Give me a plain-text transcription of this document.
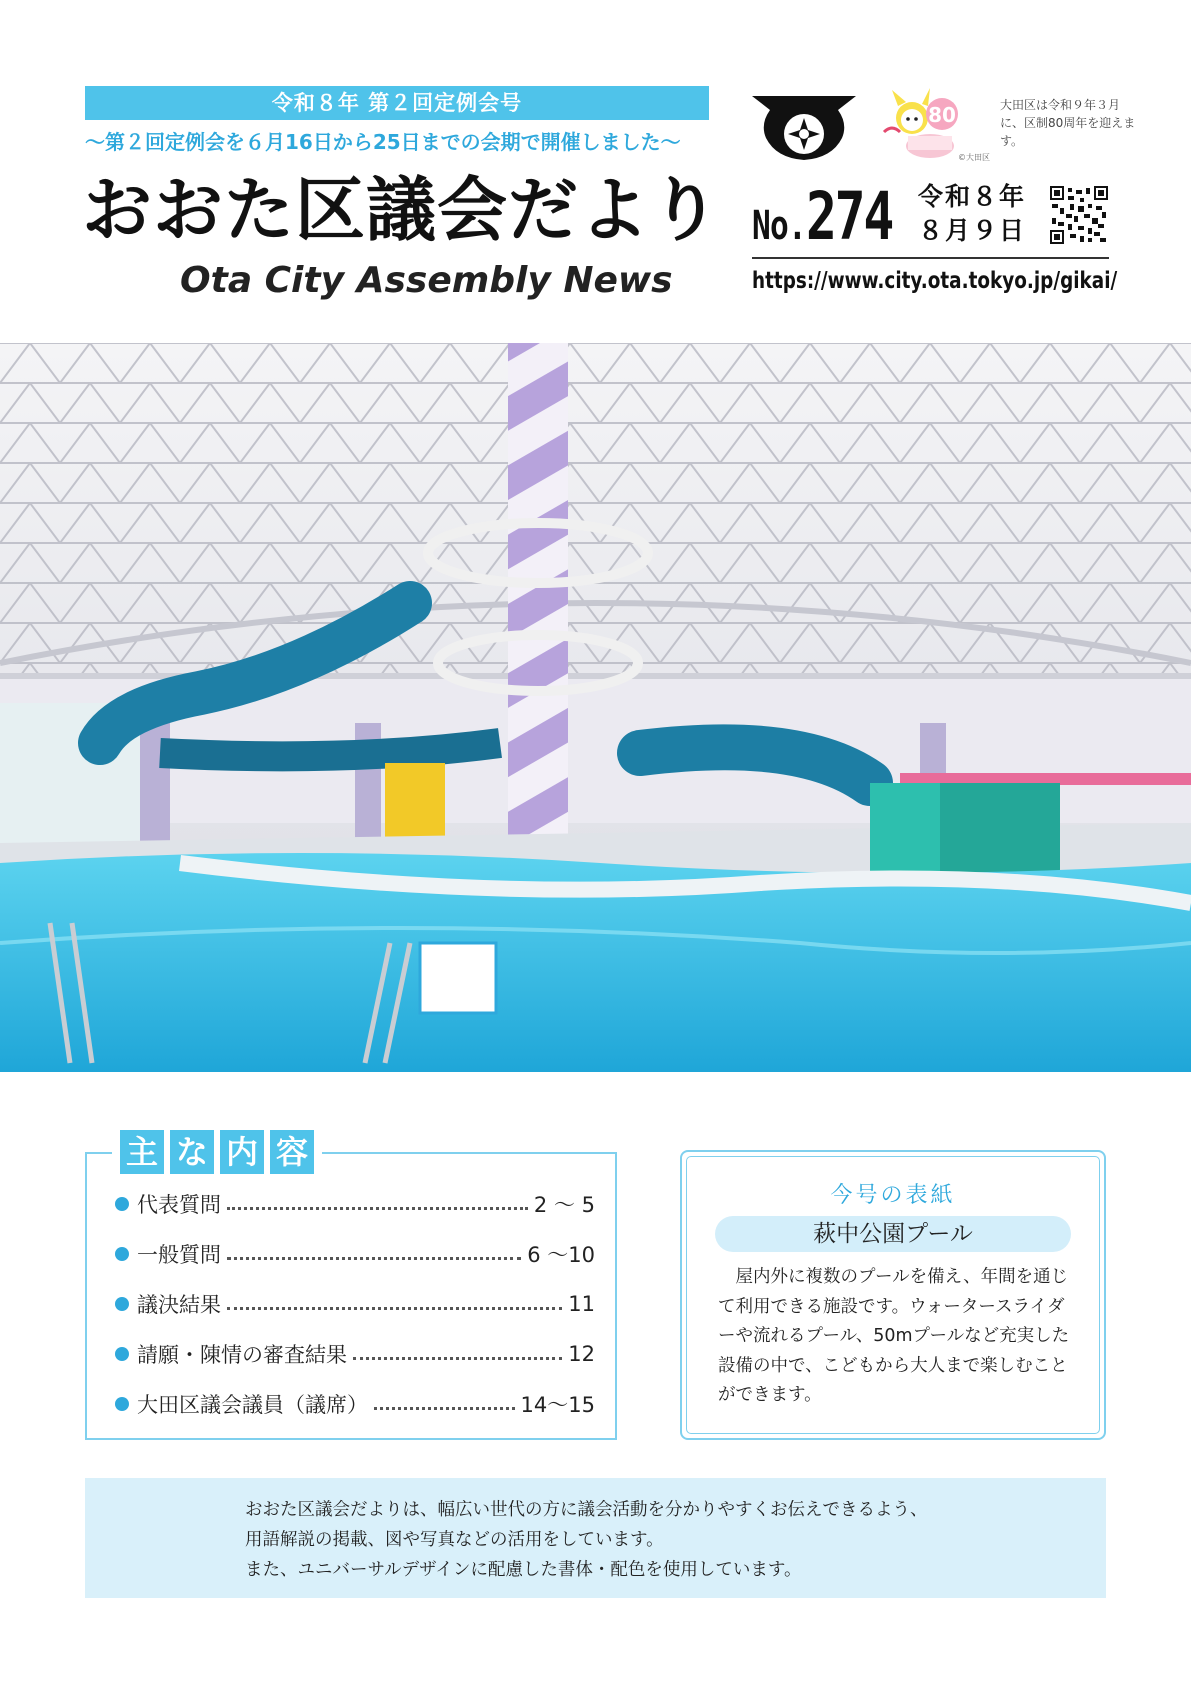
令和８年 第２回定例会号
～第２回定例会を６月16日から25日までの会期で開催しました～
おおた区議会だより
Ota City Assembly News
80
©大田区
大田区は令和９年３月に、区制80周年を迎えます。
No.274 令和８年
８月９日
https://www.city.ota.tokyo.jp/gikai/
主 な 内 容
代表質問	2 ～ 5
一般質問	6 ～10
議決結果	11
請願・陳情の審査結果	12
大田区議会議員（議席）	14～15
今号の表紙
萩中公園プール
屋内外に複数のプールを備え、年間を通じて利用できる施設です。ウォータースライダーや流れるプール、50mプールなど充実した設備の中で、こどもから大人まで楽しむことができます。
おおた区議会だよりは、幅広い世代の方に議会活動を分かりやすくお伝えできるよう、
用語解説の掲載、図や写真などの活用をしています。
また、ユニバーサルデザインに配慮した書体・配色を使用しています。
